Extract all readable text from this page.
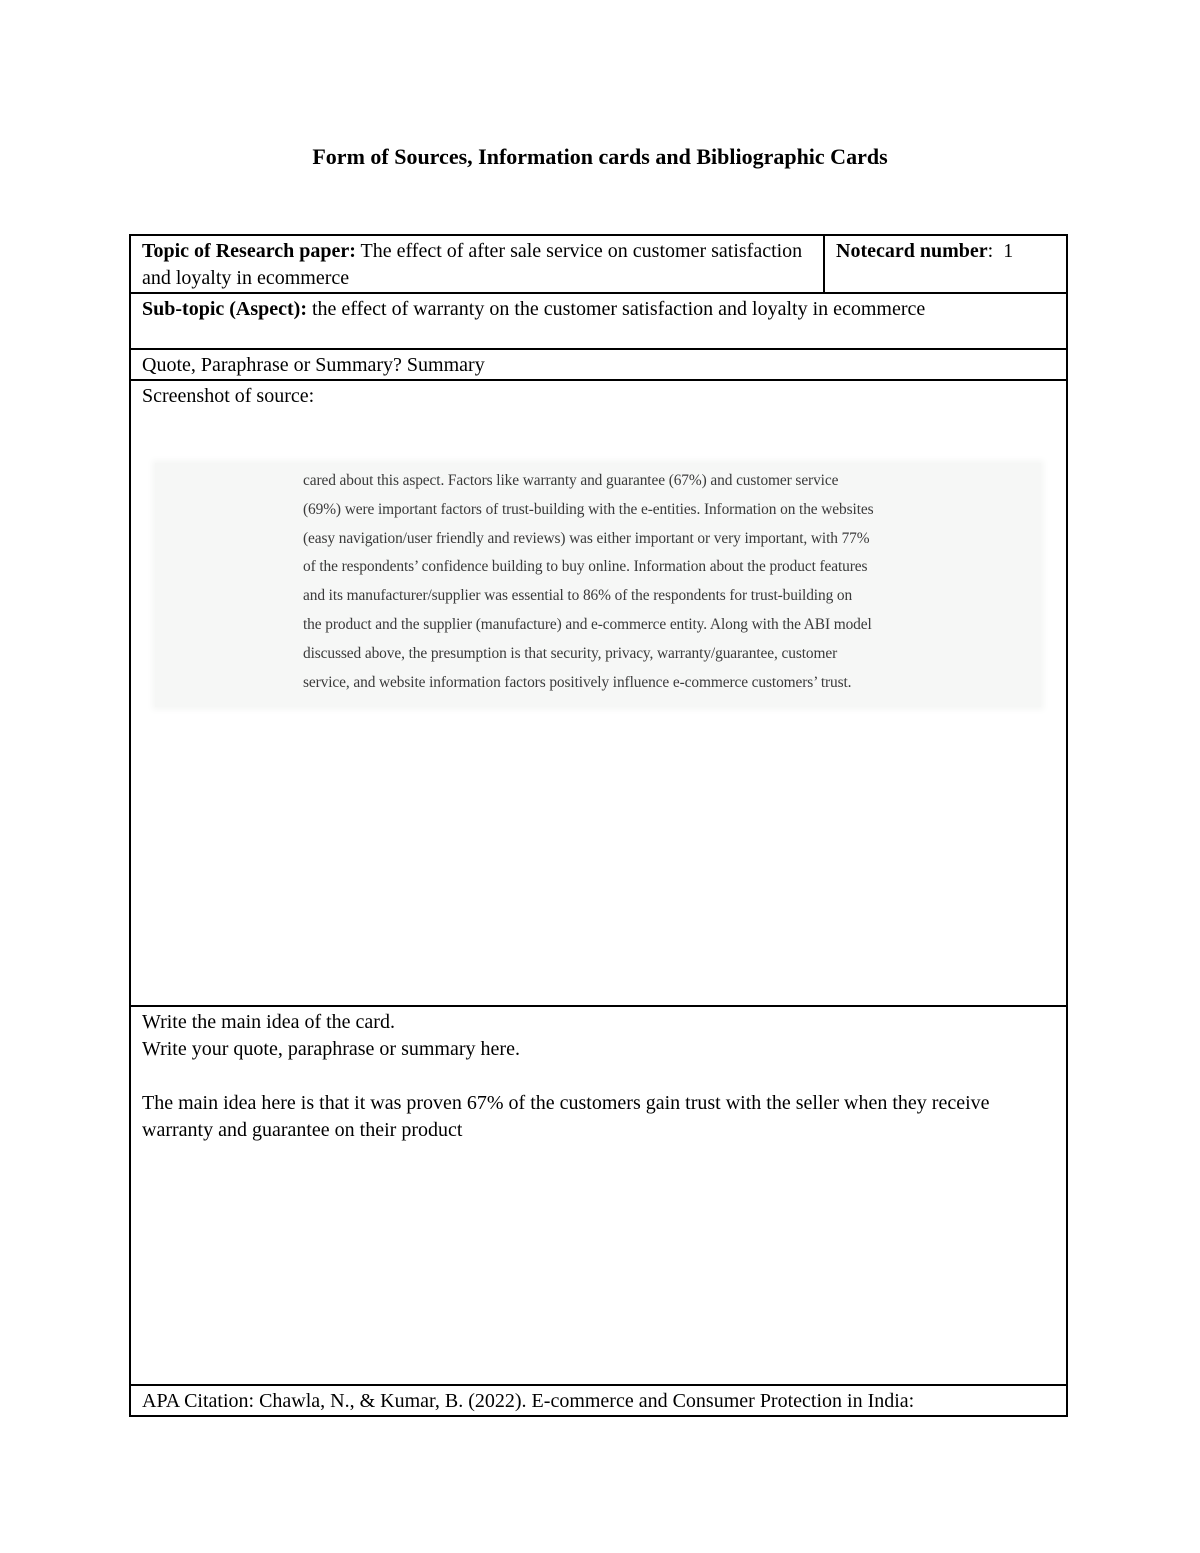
Form of Sources, Information cards and Bibliographic Cards
Topic of Research paper: The effect of after sale service on customer satisfaction and loyalty in ecommerce	Notecard number: 1
Sub-topic (Aspect): the effect of warranty on the customer satisfaction and loyalty in ecommerce
Quote, Paraphrase or Summary? Summary

Screenshot of source:

cared about this aspect. Factors like warranty and guarantee (67%) and customer service
(69%) were important factors of trust-building with the e-entities. Information on the websites
(easy navigation/user friendly and reviews) was either important or very important, with 77%
of the respondents’ confidence building to buy online. Information about the product features
and its manufacturer/supplier was essential to 86% of the respondents for trust-building on
the product and the supplier (manufacture) and e-commerce entity. Along with the ABI model
discussed above, the presumption is that security, privacy, warranty/guarantee, customer
service, and website information factors positively influence e-commerce customers’ trust.

Write the main idea of the card.
Write your quote, paraphrase or summary here.
The main idea here is that it was proven 67% of the customers gain trust with the seller when they receive warranty and guarantee on their product

APA Citation: Chawla, N., & Kumar, B. (2022). E-commerce and Consumer Protection in India:
